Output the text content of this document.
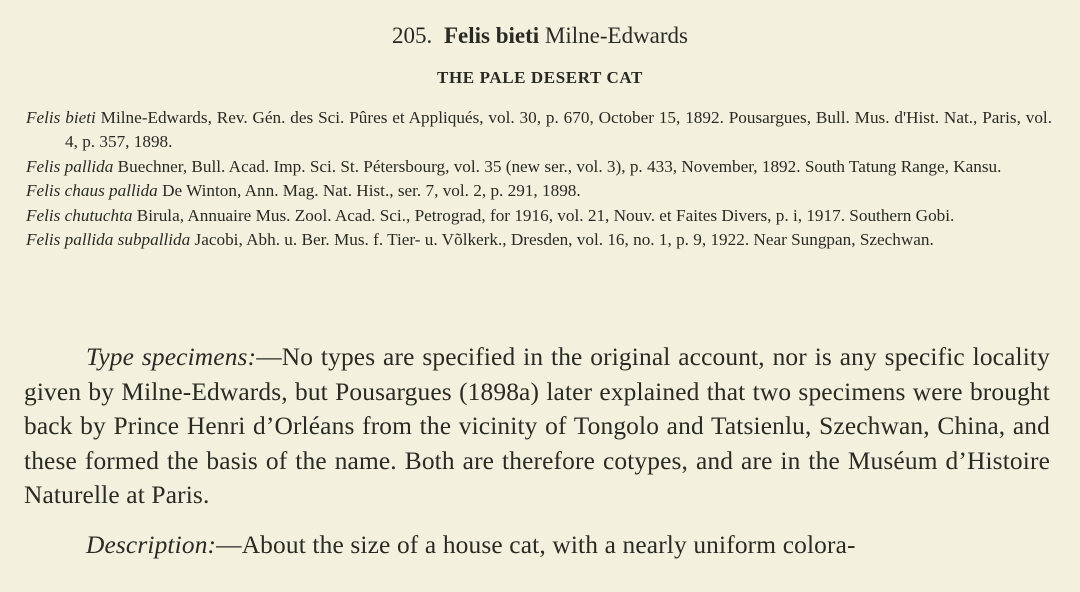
205. Felis bieti Milne-Edwards
THE PALE DESERT CAT

Felis bieti Milne-Edwards, Rev. Gén. des Sci. Pûres et Appliqués, vol. 30, p. 670, October 15, 1892. Pousargues, Bull. Mus. d'Hist. Nat., Paris, vol. 4, p. 357, 1898.

Felis pallida Buechner, Bull. Acad. Imp. Sci. St. Pétersbourg, vol. 35 (new ser., vol. 3), p. 433, November, 1892. South Tatung Range, Kansu.

Felis chaus pallida De Winton, Ann. Mag. Nat. Hist., ser. 7, vol. 2, p. 291, 1898.

Felis chutuchta Birula, Annuaire Mus. Zool. Acad. Sci., Petrograd, for 1916, vol. 21, Nouv. et Faites Divers, p. i, 1917. Southern Gobi.

Felis pallida subpallida Jacobi, Abh. u. Ber. Mus. f. Tier- u. Võlkerk., Dresden, vol. 16, no. 1, p. 9, 1922. Near Sungpan, Szechwan.

Type specimens:—No types are specified in the original account, nor is any specific locality given by Milne-Edwards, but Pousargues (1898a) later explained that two specimens were brought back by Prince Henri d’Orléans from the vicinity of Tongolo and Tatsienlu, Szechwan, China, and these formed the basis of the name. Both are therefore cotypes, and are in the Muséum d’Histoire Naturelle at Paris.

Description:—About the size of a house cat, with a nearly uniform colora-
